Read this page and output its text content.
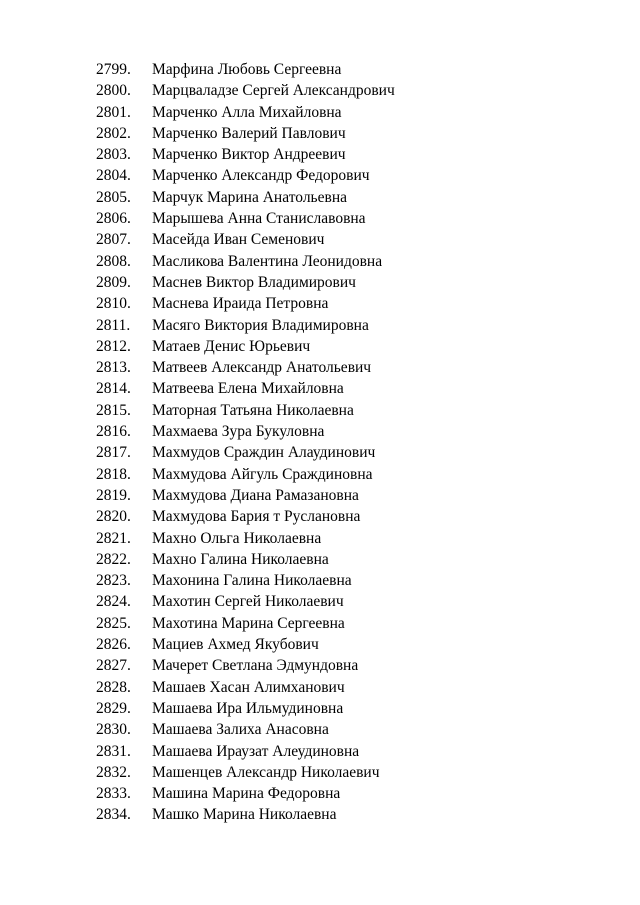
2799.	Марфина Любовь Сергеевна
2800.	Марцваладзе Сергей Александрович
2801.	Марченко Алла Михайловна
2802.	Марченко Валерий Павлович
2803.	Марченко Виктор Андреевич
2804.	Марченко Александр Федорович
2805.	Марчук Марина Анатольевна
2806.	Марышева Анна Станиславовна
2807.	Масейда Иван Семенович
2808.	Масликова Валентина Леонидовна
2809.	Маснев Виктор Владимирович
2810.	Маснева Ираида Петровна
2811.	Масяго Виктория Владимировна
2812.	Матаев Денис Юрьевич
2813.	Матвеев Александр Анатольевич
2814.	Матвеева Елена Михайловна
2815.	Маторная Татьяна Николаевна
2816.	Махмаева Зура Букуловна
2817.	Махмудов Сраждин Алаудинович
2818.	Махмудова Айгуль Сраждиновна
2819.	Махмудова Диана Рамазановна
2820.	Махмудова Бария т Руслановна
2821.	Махно Ольга Николаевна
2822.	Махно Галина Николаевна
2823.	Махонина Галина Николаевна
2824.	Махотин Сергей Николаевич
2825.	Махотина Марина Сергеевна
2826.	Мациев Ахмед Якубович
2827.	Мачерет Светлана Эдмундовна
2828.	Машаев Хасан Алимханович
2829.	Машаева Ира Ильмудиновна
2830.	Машаева Залиха Анасовна
2831.	Машаева Ираузат Алеудиновна
2832.	Машенцев Александр Николаевич
2833.	Машина Марина Федоровна
2834.	Машко Марина Николаевна
